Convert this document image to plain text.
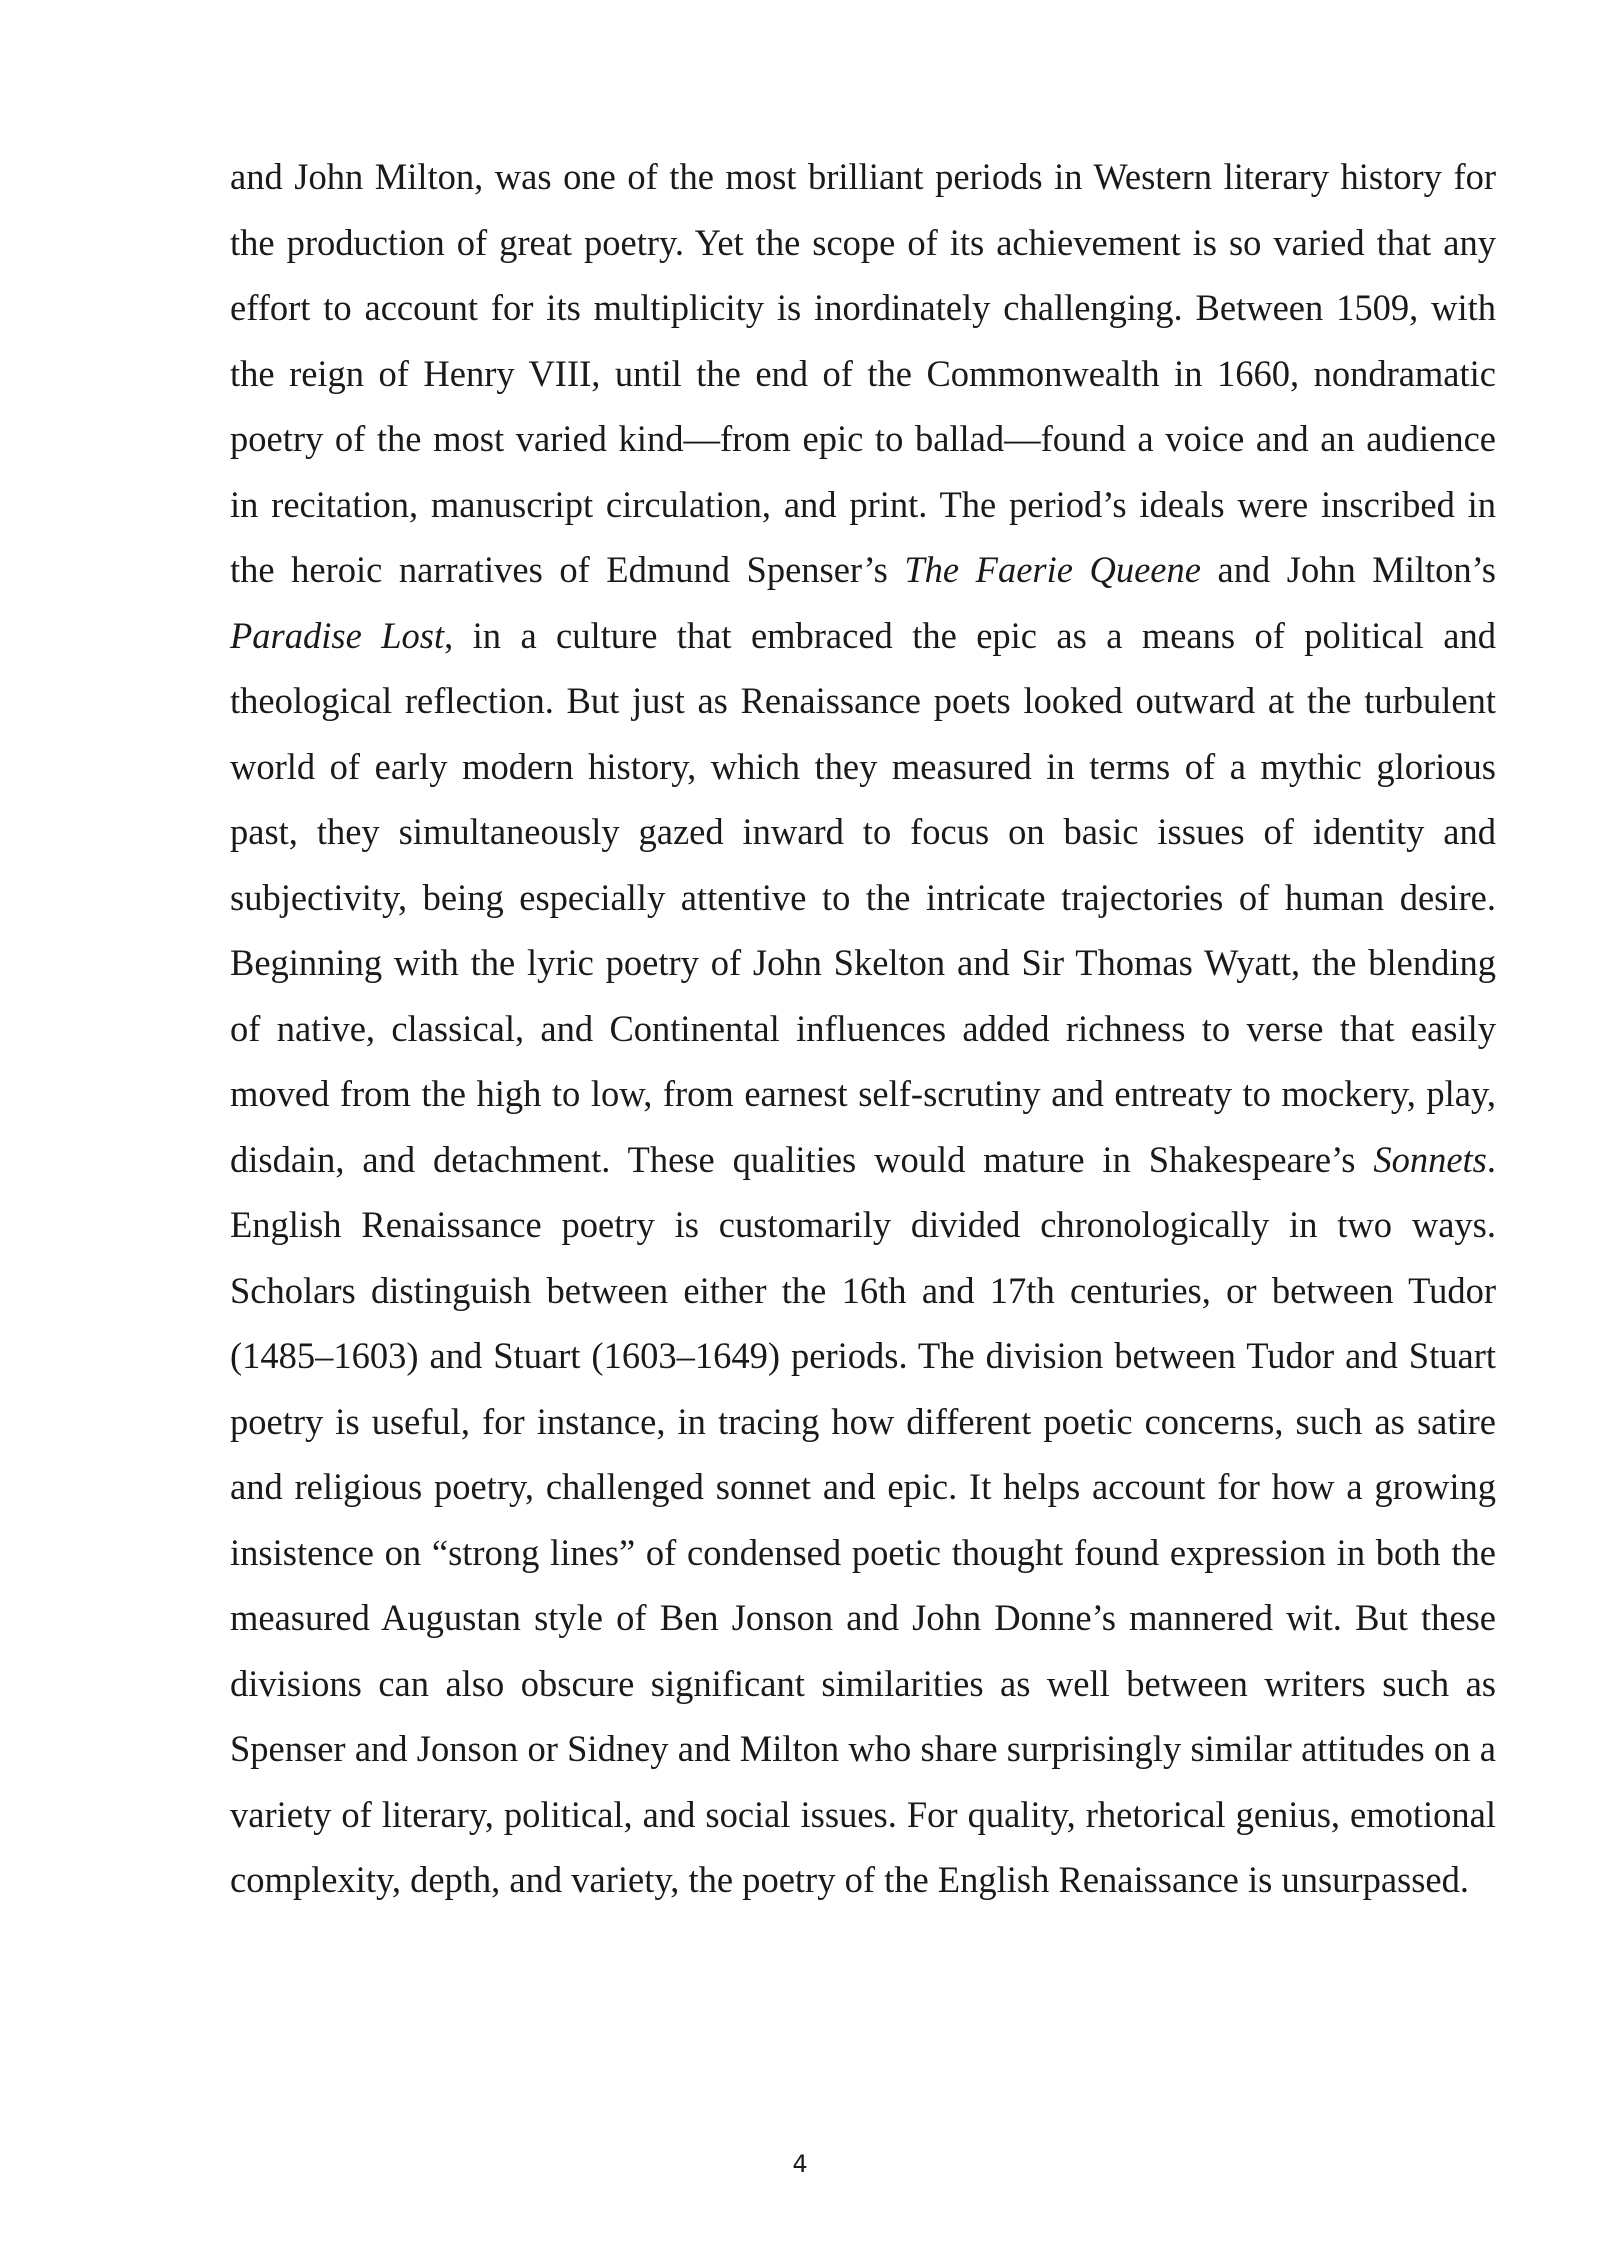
and John Milton, was one of the most brilliant periods in Western literary history for the production of great poetry. Yet the scope of its achievement is so varied that any effort to account for its multiplicity is inordinately challenging. Between 1509, with the reign of Henry VIII, until the end of the Commonwealth in 1660, nondramatic poetry of the most varied kind—from epic to ballad—found a voice and an audience in recitation, manuscript circulation, and print. The period’s ideals were inscribed in the heroic narratives of Edmund Spenser’s The Faerie Queene and John Milton’s Paradise Lost, in a culture that embraced the epic as a means of political and theological reflection. But just as Renaissance poets looked outward at the turbulent world of early modern history, which they measured in terms of a mythic glorious past, they simultaneously gazed inward to focus on basic issues of identity and subjectivity, being especially attentive to the intricate trajectories of human desire. Beginning with the lyric poetry of John Skelton and Sir Thomas Wyatt, the blending of native, classical, and Continental influences added richness to verse that easily moved from the high to low, from earnest self-scrutiny and entreaty to mockery, play, disdain, and detachment. These qualities would mature in Shakespeare’s Sonnets. English Renaissance poetry is customarily divided chronologically in two ways. Scholars distinguish between either the 16th and 17th centuries, or between Tudor (1485–1603) and Stuart (1603–1649) periods. The division between Tudor and Stuart poetry is useful, for instance, in tracing how different poetic concerns, such as satire and religious poetry, challenged sonnet and epic. It helps account for how a growing insistence on “strong lines” of condensed poetic thought found expression in both the measured Augustan style of Ben Jonson and John Donne’s mannered wit. But these divisions can also obscure significant similarities as well between writers such as Spenser and Jonson or Sidney and Milton who share surprisingly similar attitudes on a variety of literary, political, and social issues. For quality, rhetorical genius, emotional complexity, depth, and variety, the poetry of the English Renaissance is unsurpassed.

4
